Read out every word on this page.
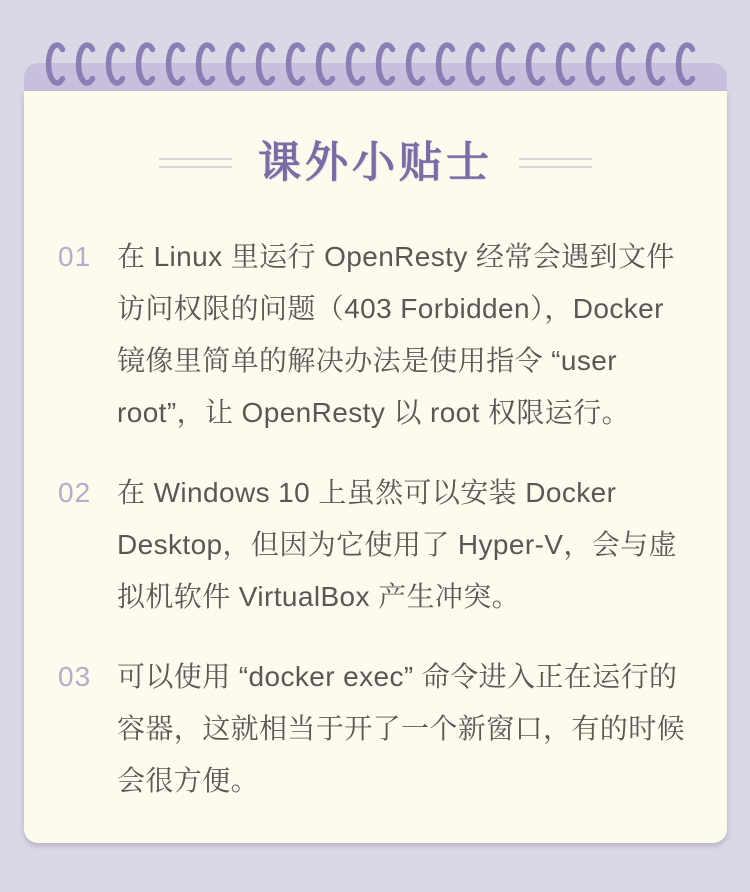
课外小贴士
01 在 Linux 里运行 OpenResty 经常会遇到文件访问权限的问题（403 Forbidden），Docker 镜像里简单的解决办法是使用指令 “user root”，让 OpenResty 以 root 权限运行。

02 在 Windows 10 上虽然可以安装 Docker Desktop，但因为它使用了 Hyper-V，会与虚拟机软件 VirtualBox 产生冲突。

03 可以使用 “docker exec” 命令进入正在运行的容器，这就相当于开了一个新窗口，有的时候会很方便。
